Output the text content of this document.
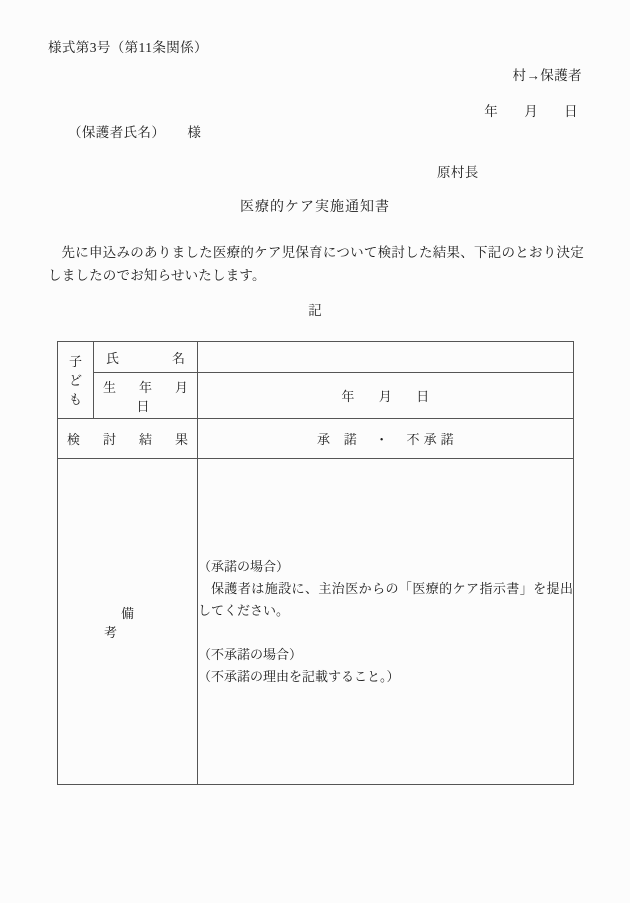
様式第3号（第11条関係）
村→保護者
年 月 日
（保護者氏名） 様
原村長
医療的ケア実施通知書
先に申込みのありました医療的ケア児保育について検討した結果、下記のとおり決定しましたのでお知らせいたします。
記
子
ど
も	氏　　名	
	生　年　月　日	年 月 日
検　討　結　果		承　諾 ・ 不 承 諾
備　考		（承諾の場合）
保護者は施設に、主治医からの「医療的ケア指示書」を提出してください。
（不承諾の場合）
（不承諾の理由を記載すること。）
